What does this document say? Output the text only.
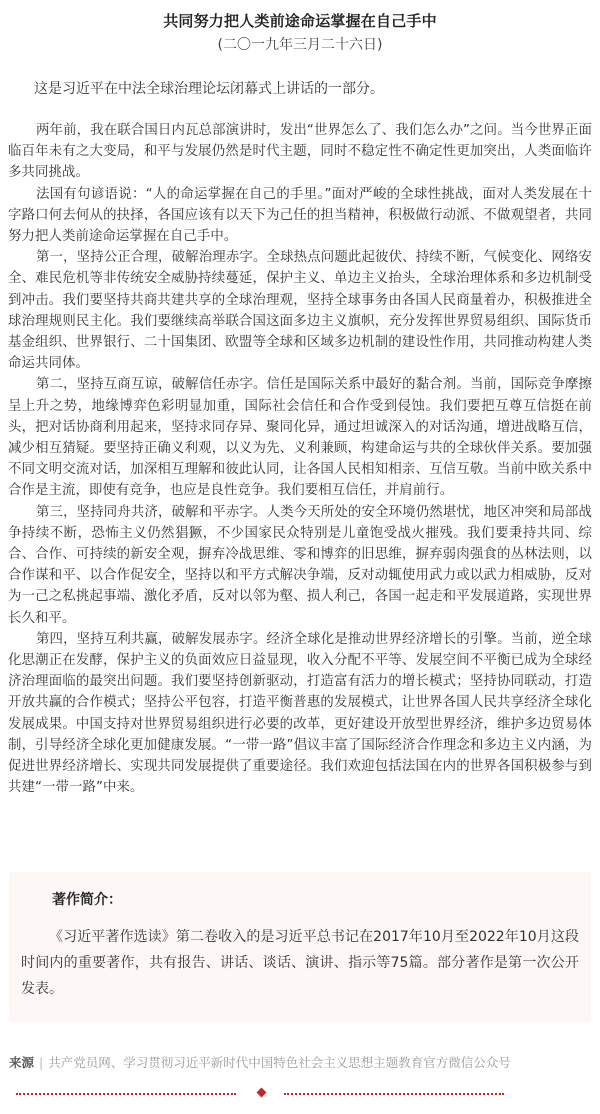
共同努力把人类前途命运掌握在自己手中
(二〇一九年三月二十六日)
这是习近平在中法全球治理论坛闭幕式上讲话的一部分。

两年前，我在联合国日内瓦总部演讲时，发出“世界怎么了、我们怎么办”之问。当今世界正面临百年未有之大变局，和平与发展仍然是时代主题，同时不稳定性不确定性更加突出，人类面临许多共同挑战。

法国有句谚语说：“人的命运掌握在自己的手里。”面对严峻的全球性挑战，面对人类发展在十字路口何去何从的抉择，各国应该有以天下为己任的担当精神，积极做行动派、不做观望者，共同努力把人类前途命运掌握在自己手中。

第一，坚持公正合理，破解治理赤字。全球热点问题此起彼伏、持续不断，气候变化、网络安全、难民危机等非传统安全威胁持续蔓延，保护主义、单边主义抬头，全球治理体系和多边机制受到冲击。我们要坚持共商共建共享的全球治理观，坚持全球事务由各国人民商量着办，积极推进全球治理规则民主化。我们要继续高举联合国这面多边主义旗帜，充分发挥世界贸易组织、国际货币基金组织、世界银行、二十国集团、欧盟等全球和区域多边机制的建设性作用，共同推动构建人类命运共同体。

第二，坚持互商互谅，破解信任赤字。信任是国际关系中最好的黏合剂。当前，国际竞争摩擦呈上升之势，地缘博弈色彩明显加重，国际社会信任和合作受到侵蚀。我们要把互尊互信挺在前头，把对话协商利用起来，坚持求同存异、聚同化异，通过坦诚深入的对话沟通，增进战略互信，减少相互猜疑。要坚持正确义利观，以义为先、义利兼顾，构建命运与共的全球伙伴关系。要加强不同文明交流对话，加深相互理解和彼此认同，让各国人民相知相亲、互信互敬。当前中欧关系中合作是主流，即使有竞争，也应是良性竞争。我们要相互信任，并肩前行。

第三，坚持同舟共济，破解和平赤字。人类今天所处的安全环境仍然堪忧，地区冲突和局部战争持续不断，恐怖主义仍然猖獗，不少国家民众特别是儿童饱受战火摧残。我们要秉持共同、综合、合作、可持续的新安全观，摒弃冷战思维、零和博弈的旧思维，摒弃弱肉强食的丛林法则，以合作谋和平、以合作促安全，坚持以和平方式解决争端，反对动辄使用武力或以武力相威胁，反对为一己之私挑起事端、激化矛盾，反对以邻为壑、损人利己，各国一起走和平发展道路，实现世界长久和平。

第四，坚持互利共赢，破解发展赤字。经济全球化是推动世界经济增长的引擎。当前，逆全球化思潮正在发酵，保护主义的负面效应日益显现，收入分配不平等、发展空间不平衡已成为全球经济治理面临的最突出问题。我们要坚持创新驱动，打造富有活力的增长模式；坚持协同联动，打造开放共赢的合作模式；坚持公平包容，打造平衡普惠的发展模式，让世界各国人民共享经济全球化发展成果。中国支持对世界贸易组织进行必要的改革，更好建设开放型世界经济，维护多边贸易体制，引导经济全球化更加健康发展。“一带一路”倡议丰富了国际经济合作理念和多边主义内涵，为促进世界经济增长、实现共同发展提供了重要途径。我们欢迎包括法国在内的世界各国积极参与到共建“一带一路”中来。

著作简介：

《习近平著作选读》第二卷收入的是习近平总书记在2017年10月至2022年10月这段时间内的重要著作，共有报告、讲话、谈话、演讲、指示等75篇。部分著作是第一次公开发表。

来源 | 共产党员网、学习贯彻习近平新时代中国特色社会主义思想主题教育官方微信公众号
